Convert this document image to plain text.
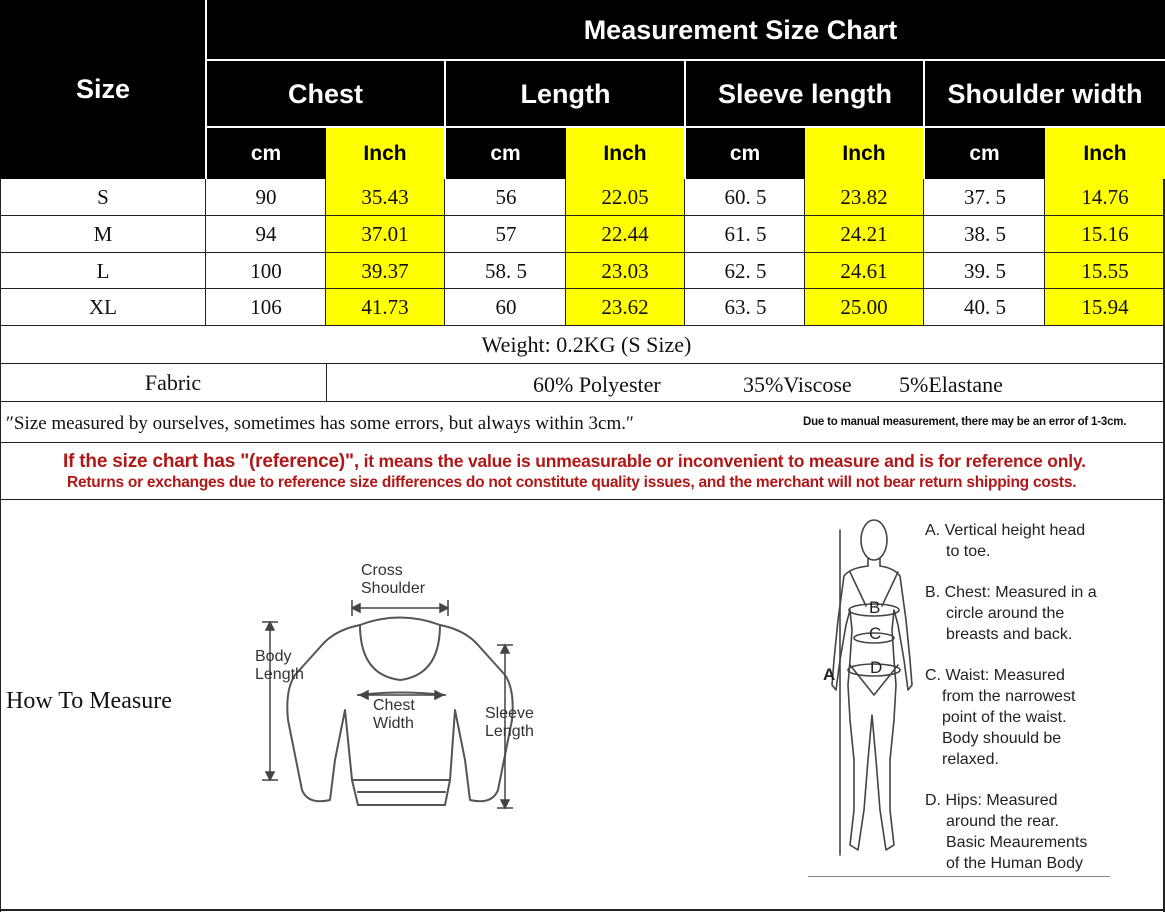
Size
Measurement Size Chart
Chest	Length	Sleeve length	Shoulder width
cm	Inch	cm	Inch	cm	Inch	cm	Inch
S	90	35.43	56	22.05	60. 5	23.82	37. 5	14.76
M	94	37.01	57	22.44	61. 5	24.21	38. 5	15.16
L	100	39.37	58. 5	23.03	62. 5	24.61	39. 5	15.55
XL	106	41.73	60	23.62	63. 5	25.00	40. 5	15.94
Weight: 0.2KG (S Size)
Fabric	60% Polyester	35%Viscose 5%Elastane
″Size measured by ourselves, sometimes has some errors, but always within 3cm.″	Due to manual measurement, there may be an error of 1-3cm.
If the size chart has "(reference)", it means the value is unmeasurable or inconvenient to measure and is for reference only.
Returns or exchanges due to reference size differences do not constitute quality issues, and the merchant will not bear return shipping costs.
How To Measure
Cross
Shoulder
Body
Length
Chest
Width
Sleeve
Length
A
B
C
D
A. Vertical height head
to toe.
B. Chest: Measured in a
circle around the
breasts and back.
C. Waist: Measured
from the narrowest
point of the waist.
Body shouuld be
relaxed.
D. Hips: Measured
around the rear.
Basic Meaurements
of the Human Body
